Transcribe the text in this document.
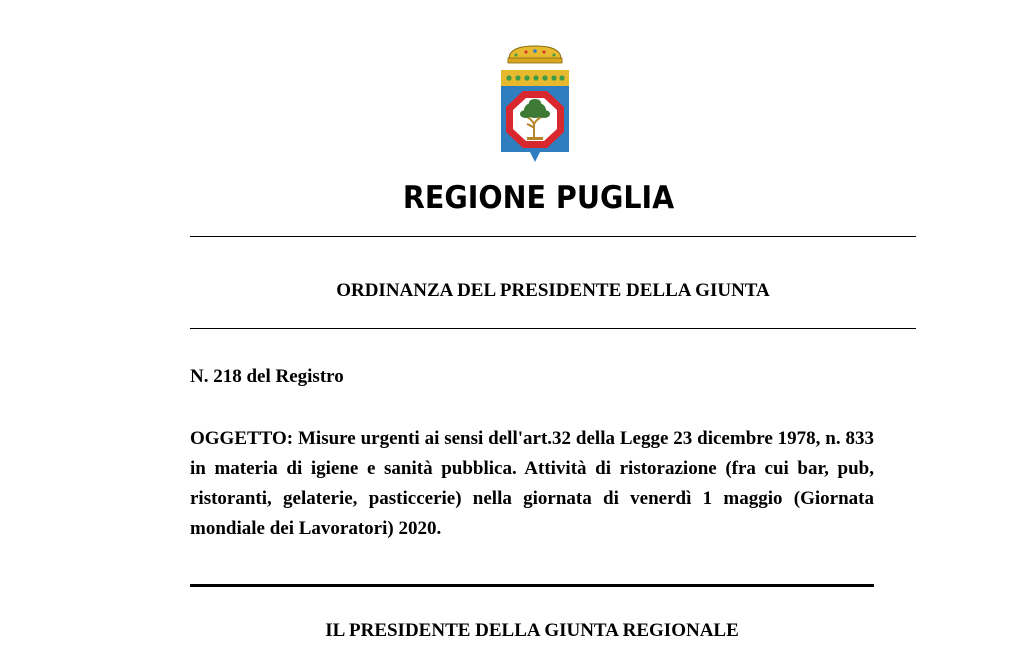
REGIONE PUGLIA
ORDINANZA DEL PRESIDENTE DELLA GIUNTA
N. 218 del Registro
OGGETTO: Misure urgenti ai sensi dell'art.32 della Legge 23 dicembre 1978, n. 833 in materia di igiene e sanità pubblica. Attività di ristorazione (fra cui bar, pub, ristoranti, gelaterie, pasticcerie) nella giornata di venerdì 1 maggio (Giornata mondiale dei Lavoratori) 2020.
IL PRESIDENTE DELLA GIUNTA REGIONALE
